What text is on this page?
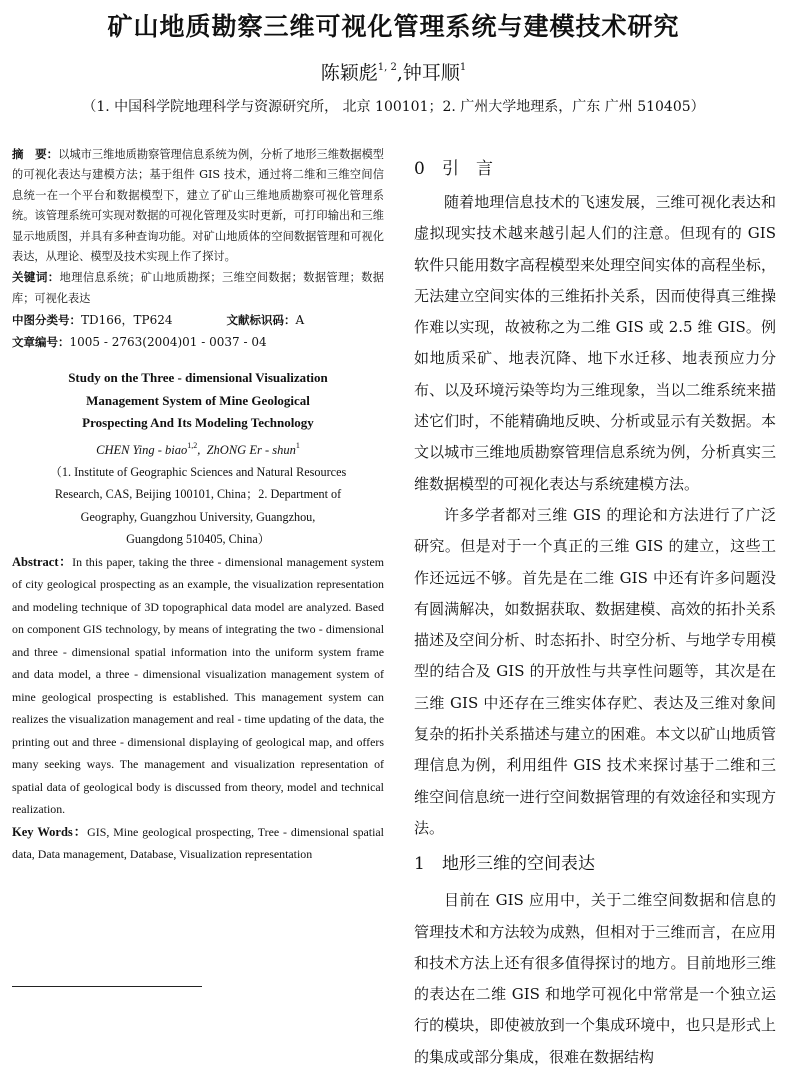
矿山地质勘察三维可视化管理系统与建模技术研究
陈颖彪$^{1, 2}$,钟耳顺$^1$
（1. 中国科学院地理科学与资源研究所， 北京 100101；2. 广州大学地理系，广东 广州 510405）
摘　要：以城市三维地质勘察管理信息系统为例，分析了地形三维数据模型的可视化表达与建模方法；基于组件 GIS 技术，通过将二维和三维空间信息统一在一个平台和数据模型下，建立了矿山三维地质勘察可视化管理系统。该管理系统可实现对数据的可视化管理及实时更新，可打印输出和三维显示地质图，并具有多种查询功能。对矿山地质体的空间数据管理和可视化表达，从理论、模型及技术实现上作了探讨。
关键词：地理信息系统；矿山地质勘探；三维空间数据；数据管理；数据库；可视化表达
中图分类号：TD166，TP624	文献标识码：A
文章编号：1005 - 2763(2004)01 - 0037 - 04
Study on the Three - dimensional Visualization
Management System of Mine Geological
Prospecting And Its Modeling Technology
CHEN Ying - biao$^{1,2}$,  ZhONG Er - shun$^1$
（1. Institute of Geographic Sciences and Natural Resources
Research, CAS, Beijing 100101, China；2. Department of
Geography, Guangzhou University, Guangzhou,
Guangdong 510405, China）
Abstract：In this paper, taking the three - dimensional management system of city geological prospecting as an example, the visualization representation and modeling technique of 3D topographical data model are analyzed. Based on component GIS technology, by means of integrating the two - dimensional and three - dimensional spatial information into the uniform system frame and data model, a three - dimensional visualization management system of mine geological prospecting is established. This management system can realizes the visualization management and real - time updating of the data, the printing out and three - dimensional displaying of geological map, and offers many seeking ways. The management and visualization representation of spatial data of geological body is discussed from theory, model and technical realization.
Key Words：GIS, Mine geological prospecting, Tree - dimensional spatial data, Data management, Database, Visualization representation
0 引　言

随着地理信息技术的飞速发展，三维可视化表达和虚拟现实技术越来越引起人们的注意。但现有的 GIS 软件只能用数字高程模型来处理空间实体的高程坐标，无法建立空间实体的三维拓扑关系，因而使得真三维操作难以实现，故被称之为二维 GIS 或 2.5 维 GIS。例如地质采矿、地表沉降、地下水迁移、地表预应力分布、以及环境污染等均为三维现象，当以二维系统来描述它们时，不能精确地反映、分析或显示有关数据。本文以城市三维地质勘察管理信息系统为例，分析真实三维数据模型的可视化表达与系统建模方法。

许多学者都对三维 GIS 的理论和方法进行了广泛研究。但是对于一个真正的三维 GIS 的建立，这些工作还远远不够。首先是在二维 GIS 中还有许多问题没有圆满解决，如数据获取、数据建模、高效的拓扑关系描述及空间分析、时态拓扑、时空分析、与地学专用模型的结合及 GIS 的开放性与共享性问题等，其次是在三维 GIS 中还存在三维实体存贮、表达及三维对象间复杂的拓扑关系描述与建立的困难。本文以矿山地质管理信息为例，利用组件 GIS 技术来探讨基于二维和三维空间信息统一进行空间数据管理的有效途径和实现方法。

1 地形三维的空间表达

目前在 GIS 应用中，关于二维空间数据和信息的管理技术和方法较为成熟，但相对于三维而言，在应用和技术方法上还有很多值得探讨的地方。目前地形三维的表达在二维 GIS 和地学可视化中常常是一个独立运行的模块，即使被放到一个集成环境中，也只是形式上的集成或部分集成，很难在数据结构
